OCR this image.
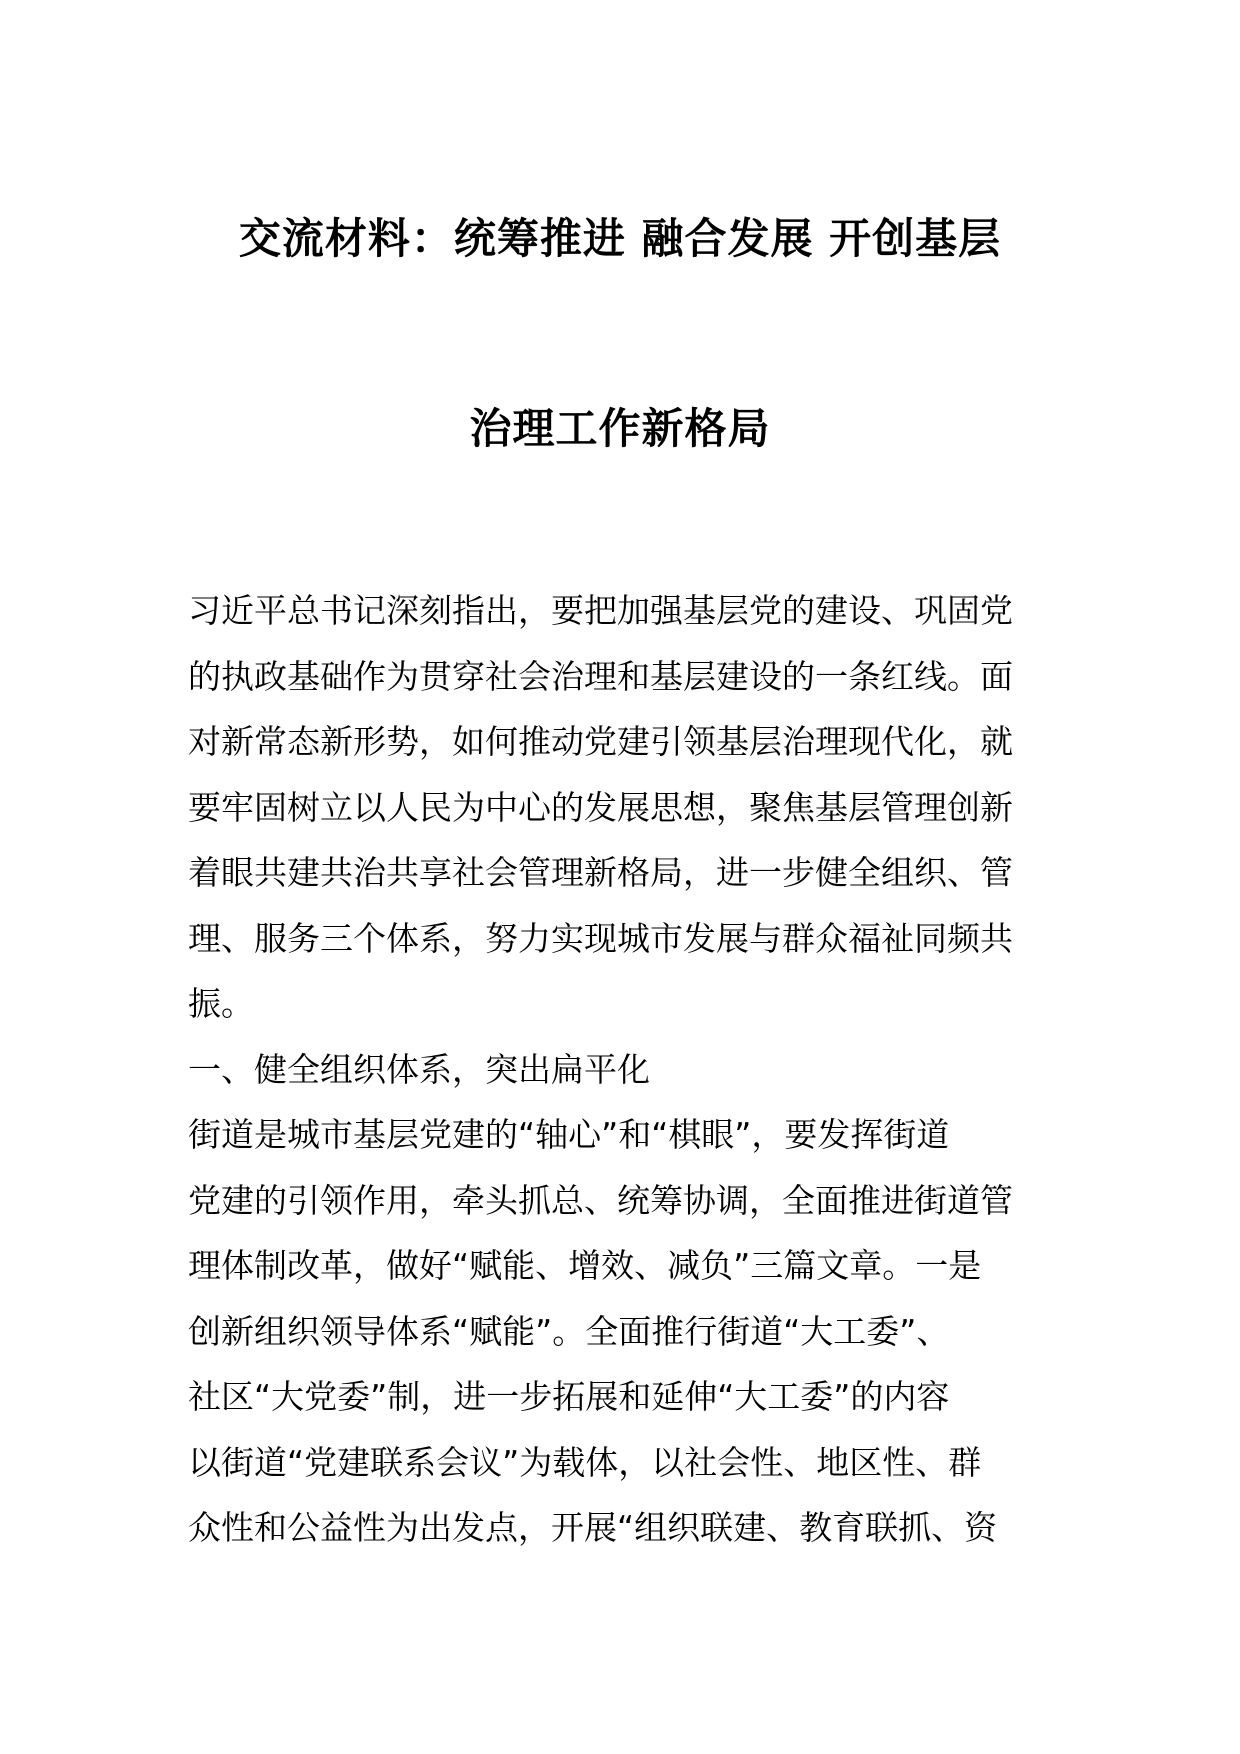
交流材料：统筹推进 融合发展 开创基层
治理工作新格局
习近平总书记深刻指出，要把加强基层党的建设、巩固党
的执政基础作为贯穿社会治理和基层建设的一条红线。面
对新常态新形势，如何推动党建引领基层治理现代化，就
要牢固树立以人民为中心的发展思想，聚焦基层管理创新
着眼共建共治共享社会管理新格局，进一步健全组织、管
理、服务三个体系，努力实现城市发展与群众福祉同频共
振。
一、健全组织体系，突出扁平化
街道是城市基层党建的“轴心”和“棋眼”，要发挥街道
党建的引领作用，牵头抓总、统筹协调，全面推进街道管
理体制改革，做好“赋能、增效、减负”三篇文章。一是
创新组织领导体系“赋能”。全面推行街道“大工委”、
社区“大党委”制，进一步拓展和延伸“大工委”的内容
以街道“党建联系会议”为载体，以社会性、地区性、群
众性和公益性为出发点，开展“组织联建、教育联抓、资
